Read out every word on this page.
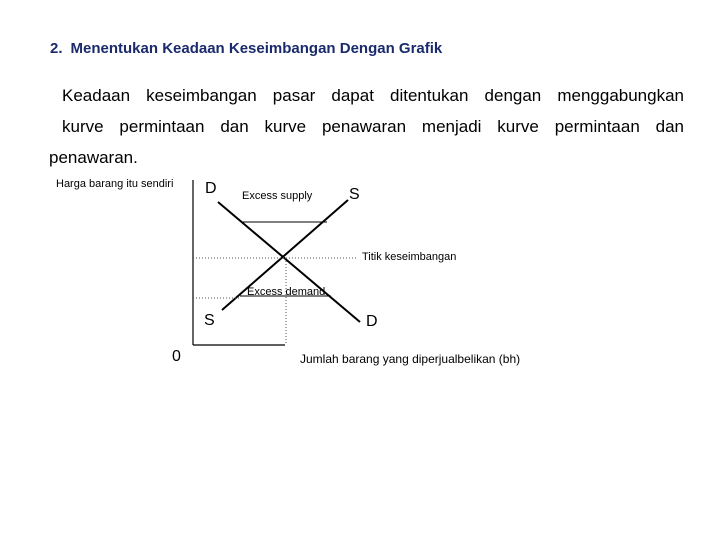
2. Menentukan Keadaan Keseimbangan Dengan Grafik
Keadaan keseimbangan pasar dapat ditentukan dengan menggabungkan
kurve permintaan dan kurve penawaran menjadi kurve permintaan dan
penawaran.
Harga barang itu sendiri D Excess supply S
Titik keseimbangan
Excess demand
S	D
0	Jumlah barang yang diperjualbelikan (bh)
